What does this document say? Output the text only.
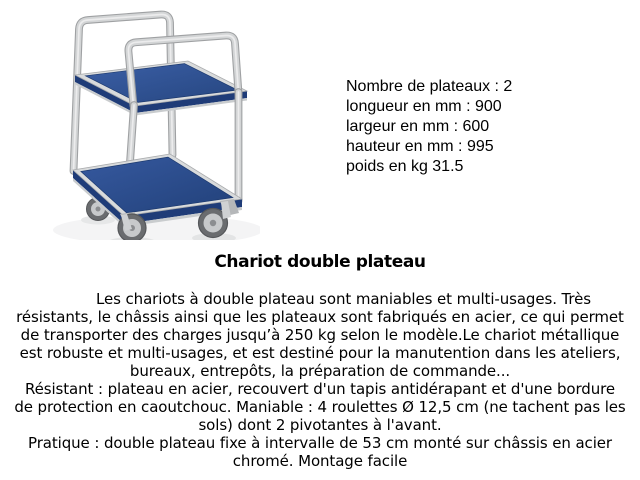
Nombre de plateaux : 2
longueur en mm : 900
largeur en mm : 600
hauteur en mm : 995
poids en kg 31.5
Chariot double plateau

Les chariots à double plateau sont maniables et multi-usages. Très résistants, le châssis ainsi que les plateaux sont fabriqués en acier, ce qui permet de transporter des charges jusqu’à 250 kg selon le modèle.Le chariot métallique est robuste et multi-usages, et est destiné pour la manutention dans les ateliers, bureaux, entrepôts, la préparation de commande...

Résistant : plateau en acier, recouvert d'un tapis antidérapant et d'une bordure de protection en caoutchouc. Maniable : 4 roulettes Ø 12,5 cm (ne tachent pas les sols) dont 2 pivotantes à l'avant.

Pratique : double plateau fixe à intervalle de 53 cm monté sur châssis en acier chromé. Montage facile
